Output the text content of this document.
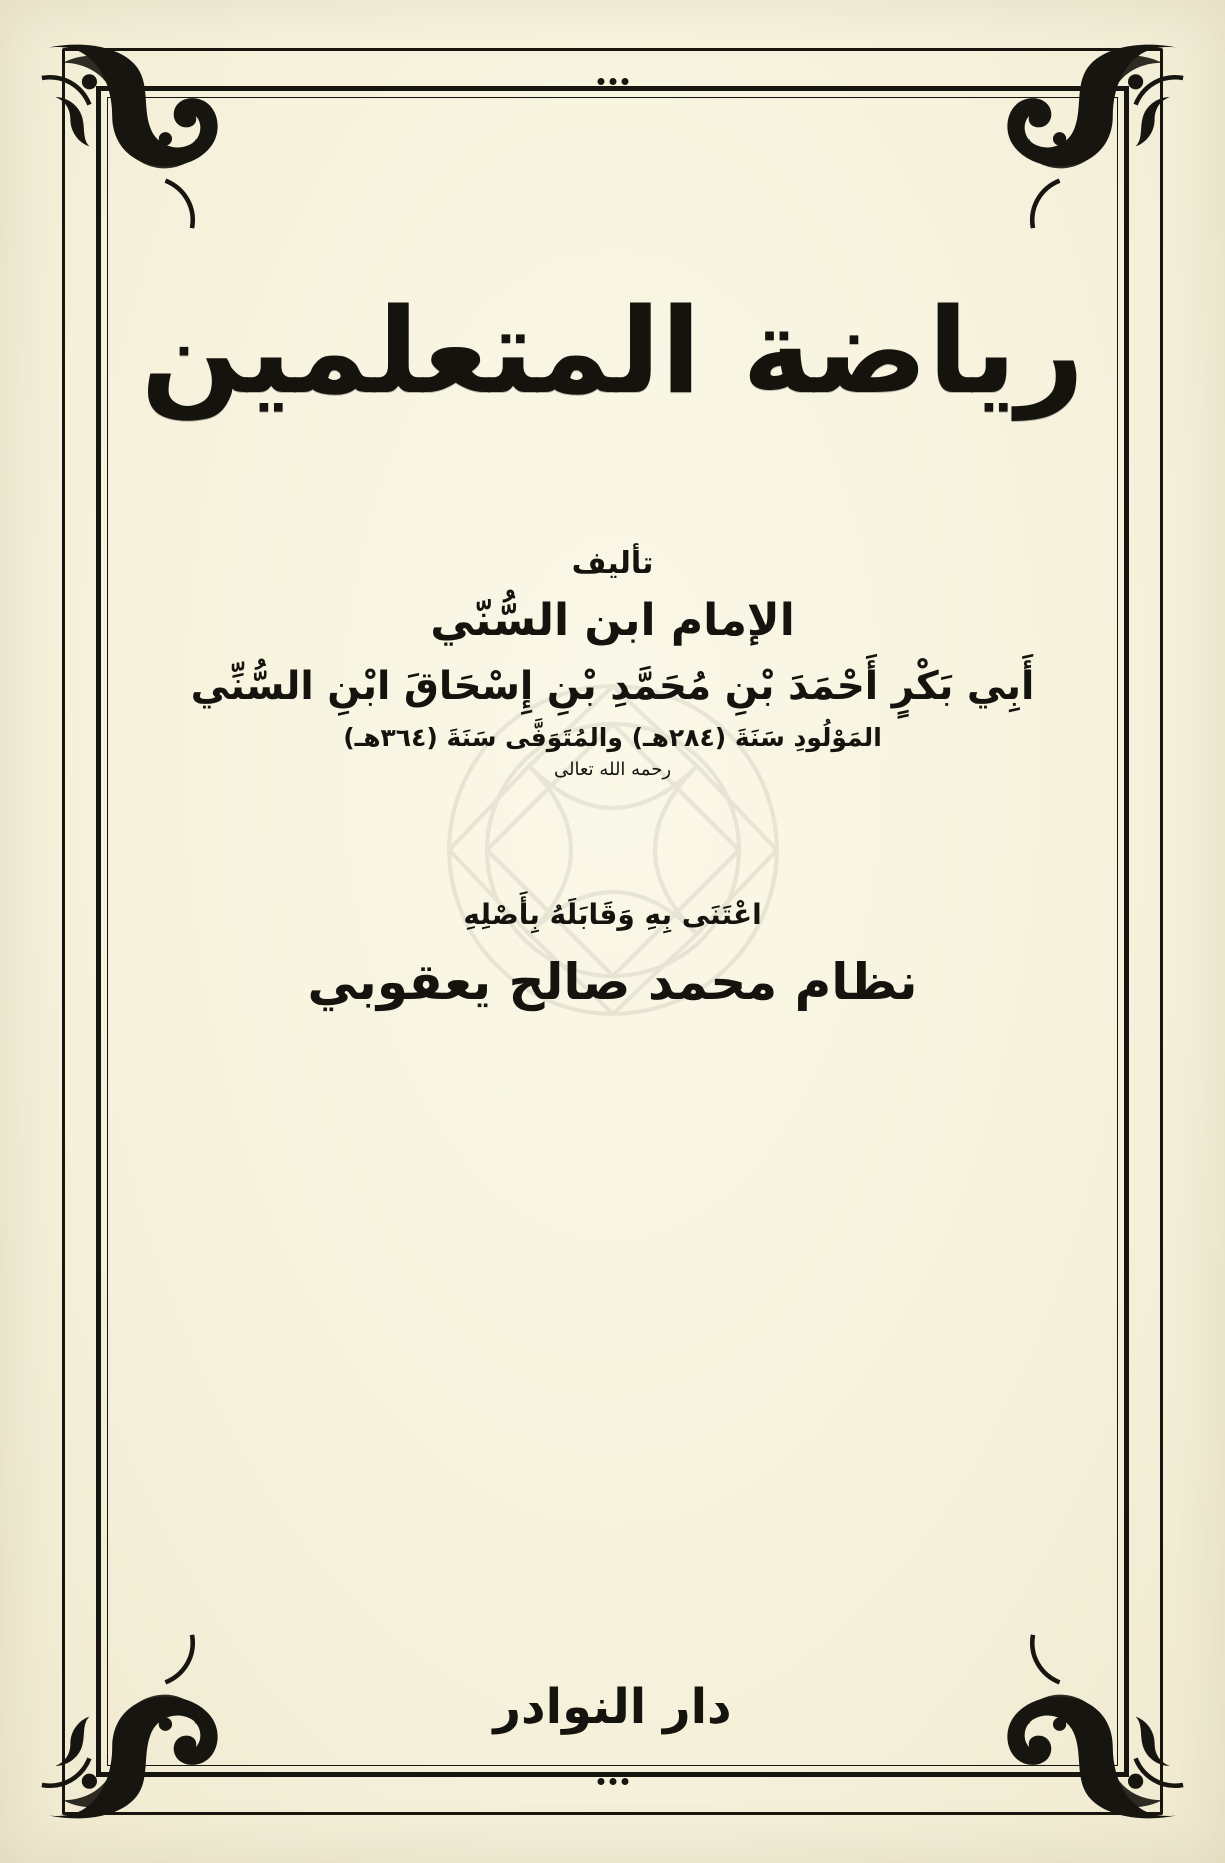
رياضة المتعلمين
تأليف
الإمام ابن السُّنّي
أَبِي بَكْرٍ أَحْمَدَ بْنِ مُحَمَّدِ بْنِ إِسْحَاقَ ابْنِ السُّنِّي
المَوْلُودِ سَنَةَ (٢٨٤هـ) والمُتَوَفَّى سَنَةَ (٣٦٤هـ)
رحمه الله تعالى
اعْتَنَى بِهِ وَقَابَلَهُ بِأَصْلِهِ
نظام محمد صالح يعقوبي
دار النوادر
